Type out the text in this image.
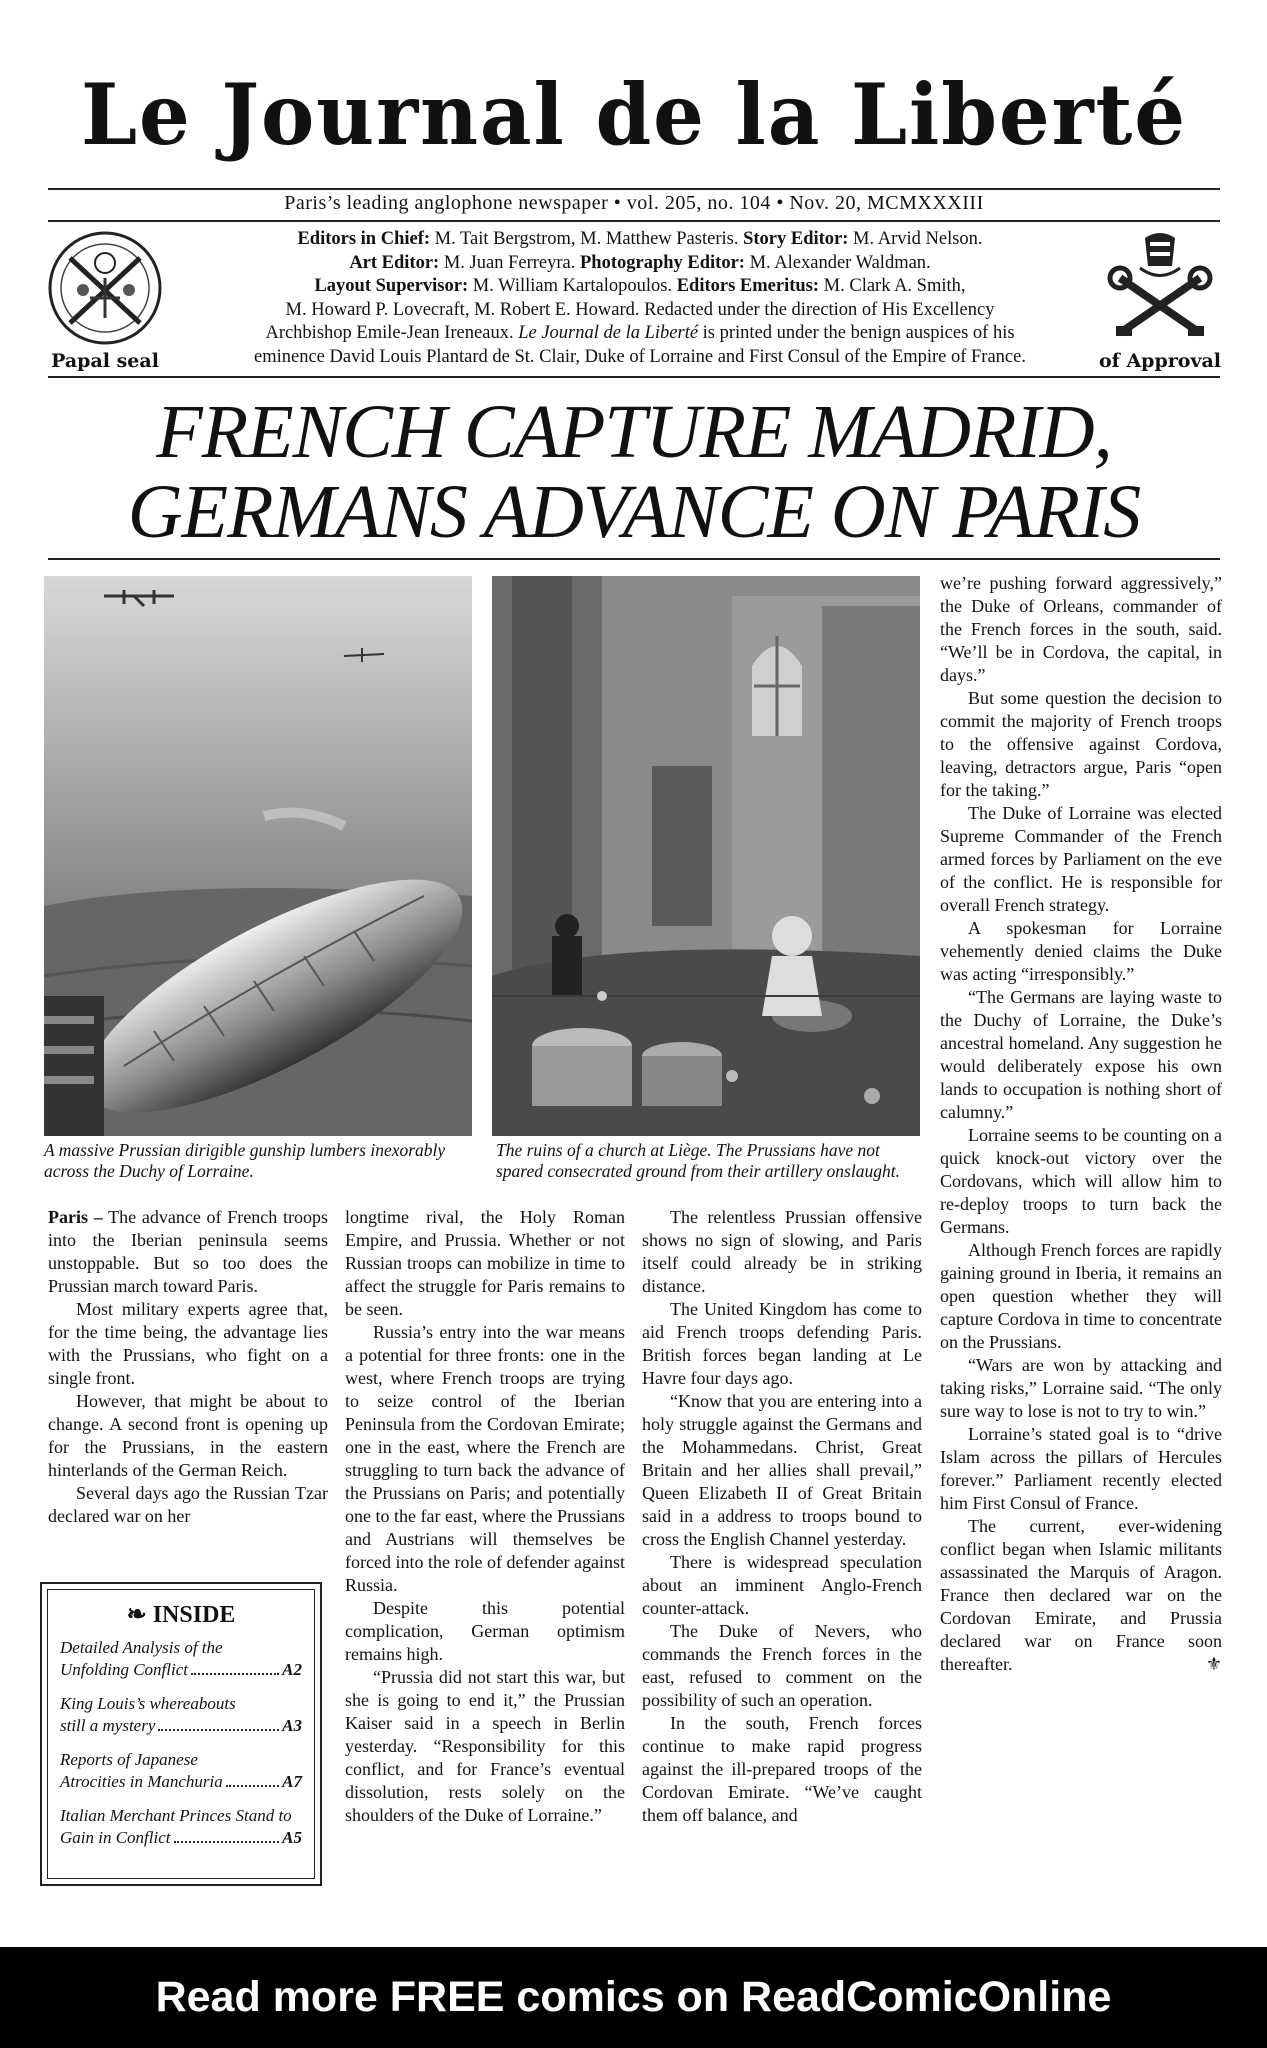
Le Journal de la Liberté
Paris’s leading anglophone newspaper • vol. 205, no. 104 • Nov. 20, MCMXXXIII
Papal seal
Editors in Chief: M. Tait Bergstrom, M. Matthew Pasteris. Story Editor: M. Arvid Nelson.
Art Editor: M. Juan Ferreyra. Photography Editor: M. Alexander Waldman.
Layout Supervisor: M. William Kartalopoulos. Editors Emeritus: M. Clark A. Smith,
M. Howard P. Lovecraft, M. Robert E. Howard. Redacted under the direction of His Excellency
Archbishop Emile-Jean Ireneaux. Le Journal de la Liberté is printed under the benign auspices of his
eminence David Louis Plantard de St. Clair, Duke of Lorraine and First Consul of the Empire of France.	of Approval
FRENCH CAPTURE MADRID,
GERMANS ADVANCE ON PARIS
A massive Prussian dirigible gunship lumbers inexorably across the Duchy of Lorraine.
The ruins of a church at Liège. The Prussians have not spared consecrated ground from their artillery onslaught.

Paris – The advance of French troops into the Iberian peninsula seems unstoppable. But so too does the Prussian march toward Paris.

Most military experts agree that, for the time being, the advantage lies with the Prussians, who fight on a single front.

However, that might be about to change. A second front is opening up for the Prussians, in the eastern hinterlands of the German Reich.

Several days ago the Russian Tzar declared war on her

longtime rival, the Holy Roman Empire, and Prussia. Whether or not Russian troops can mobilize in time to affect the struggle for Paris remains to be seen.

Russia’s entry into the war means a potential for three fronts: one in the west, where French troops are trying to seize control of the Iberian Peninsula from the Cordovan Emirate; one in the east, where the French are struggling to turn back the advance of the Prussians on Paris; and potentially one to the far east, where the Prussians and Austrians will themselves be forced into the role of defender against Russia.

Despite this potential complication, German optimism remains high.

“Prussia did not start this war, but she is going to end it,” the Prussian Kaiser said in a speech in Berlin yesterday. “Responsibility for this conflict, and for France’s eventual dissolution, rests solely on the shoulders of the Duke of Lorraine.”

The relentless Prussian offensive shows no sign of slowing, and Paris itself could already be in striking distance.

The United Kingdom has come to aid French troops defending Paris. British forces began landing at Le Havre four days ago.

“Know that you are entering into a holy struggle against the Germans and the Mohammedans. Christ, Great Britain and her allies shall prevail,” Queen Elizabeth II of Great Britain said in a address to troops bound to cross the English Channel yesterday.

There is widespread speculation about an imminent Anglo-French counter-attack.

The Duke of Nevers, who commands the French forces in the east, refused to comment on the possibility of such an operation.

In the south, French forces continue to make rapid progress against the ill-prepared troops of the Cordovan Emirate. “We’ve caught them off balance, and

we’re pushing forward aggressively,” the Duke of Orleans, commander of the French forces in the south, said. “We’ll be in Cordova, the capital, in days.”

But some question the decision to commit the majority of French troops to the offensive against Cordova, leaving, detractors argue, Paris “open for the taking.”

The Duke of Lorraine was elected Supreme Commander of the French armed forces by Parliament on the eve of the conflict. He is responsible for overall French strategy.

A spokesman for Lorraine vehemently denied claims the Duke was acting “irresponsibly.”

“The Germans are laying waste to the Duchy of Lorraine, the Duke’s ancestral homeland. Any suggestion he would deliberately expose his own lands to occupation is nothing short of calumny.”

Lorraine seems to be counting on a quick knock-out victory over the Cordovans, which will allow him to re-deploy troops to turn back the Germans.

Although French forces are rapidly gaining ground in Iberia, it remains an open question whether they will capture Cordova in time to concentrate on the Prussians.

“Wars are won by attacking and taking risks,” Lorraine said. “The only sure way to lose is not to try to win.”

Lorraine’s stated goal is to “drive Islam across the pillars of Hercules forever.” Parliament recently elected him First Consul of France.

The current, ever-widening conflict began when Islamic militants assassinated the Marquis of Aragon. France then declared war on the Cordovan Emirate, and Prussia declared war on France soon thereafter.	⚜

❧ INSIDE
Detailed Analysis of the
Unfolding Conflict	A2
King Louis’s whereabouts
still a mystery	A3
Reports of Japanese
Atrocities in Manchuria	A7
Italian Merchant Princes Stand to
Gain in Conflict	A5
Read more FREE comics on ReadComicOnline
